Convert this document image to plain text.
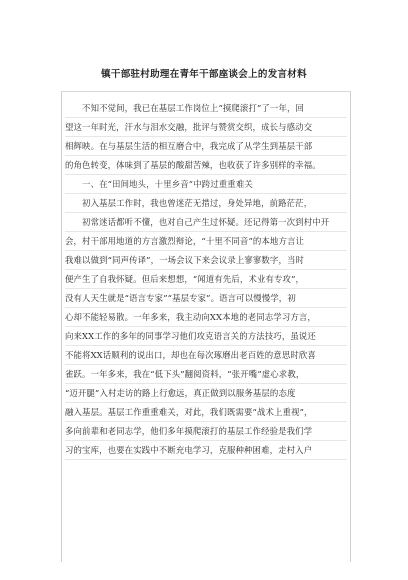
镇干部驻村助理在青年干部座谈会上的发言材料
　　不知不觉间，我已在基层工作岗位上“摸爬滚打”了一年，回
望这一年时光，汗水与泪水交融，批评与赞赏交织，成长与感动交
相辉映。在与基层生活的相互磨合中，我完成了从学生到基层干部
的角色转变，体味到了基层的酸甜苦辣，也收获了许多别样的幸福。
　　一、在“田间地头，十里乡音”中跨过重重难关
　　初入基层工作时，我也曾迷茫无措过，身处异地，前路茫茫，
　　初常迷话都听不懂，也对自己产生过怀疑。还记得第一次到村中开
会，村干部用地道的方言激烈辩论，“十里不同音”的本地方言让
我难以做到“同声传译”，一场会议下来会议录上寥寥数字，当时
便产生了自我怀疑。但后来想想，“闻道有先后，术业有专攻”，
没有人天生就是“语言专家”“基层专家”。语言可以慢慢学，初
心却不能轻易散。一年多来，我主动向XX本地的老同志学习方言，
向来XX工作的多年的同事学习他们攻克语言关的方法技巧，虽说还
不能将XX话顺利的说出口，却也在每次琢磨出老百姓的意思时欣喜
雀跃。一年多来，我在“低下头”翻阅资料，“张开嘴”虚心求教，
“迈开腿”入村走访的路上行愈远，真正做到以服务基层的态度
融入基层。基层工作重重难关，对此，我们既需要“战术上重视”，
多向前辈和老同志学，他们多年摸爬滚打的基层工作经验是我们学
习的宝库，也要在实践中不断充电学习，克服种种困难，走村入户
